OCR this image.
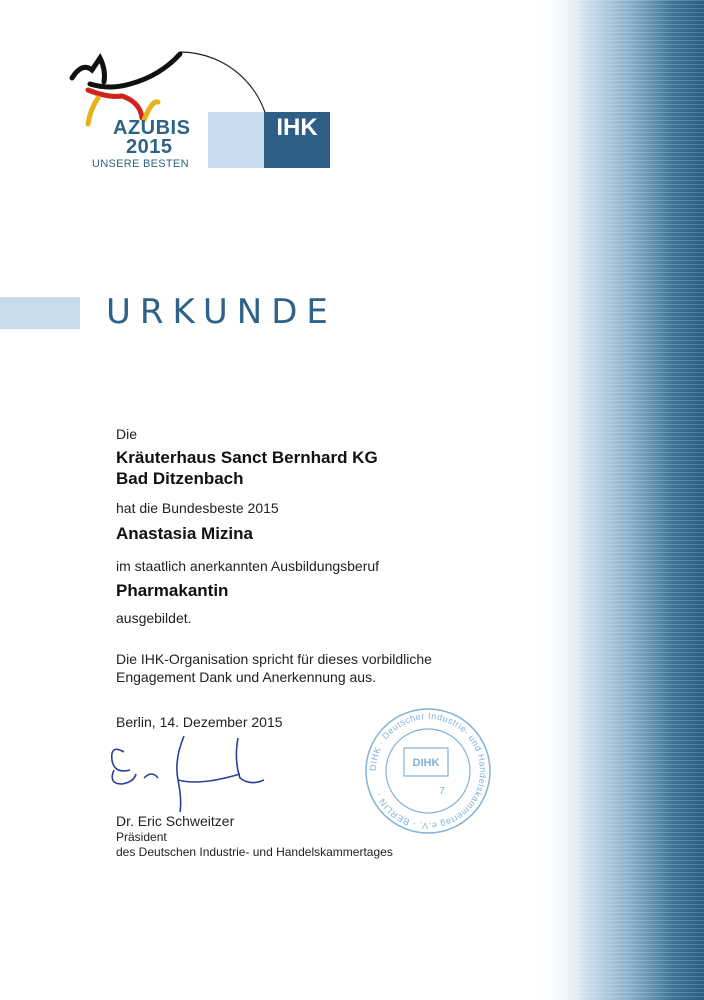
AZUBIS
2015
UNSERE BESTEN
IHK
URKUNDE
Die
Kräuterhaus Sanct Bernhard KG
Bad Ditzenbach
hat die Bundesbeste 2015
Anastasia Mizina
im staatlich anerkannten Ausbildungsberuf
Pharmakantin
ausgebildet.
Die IHK-Organisation spricht für dieses vorbildliche
Engagement Dank und Anerkennung aus.
Berlin, 14. Dezember 2015
Dr. Eric Schweitzer
Präsident
des Deutschen Industrie- und Handelskammertages
DIHK · Deutscher Industrie- und Handelskammertag e.V. · BERLIN ·
DIHK
7
